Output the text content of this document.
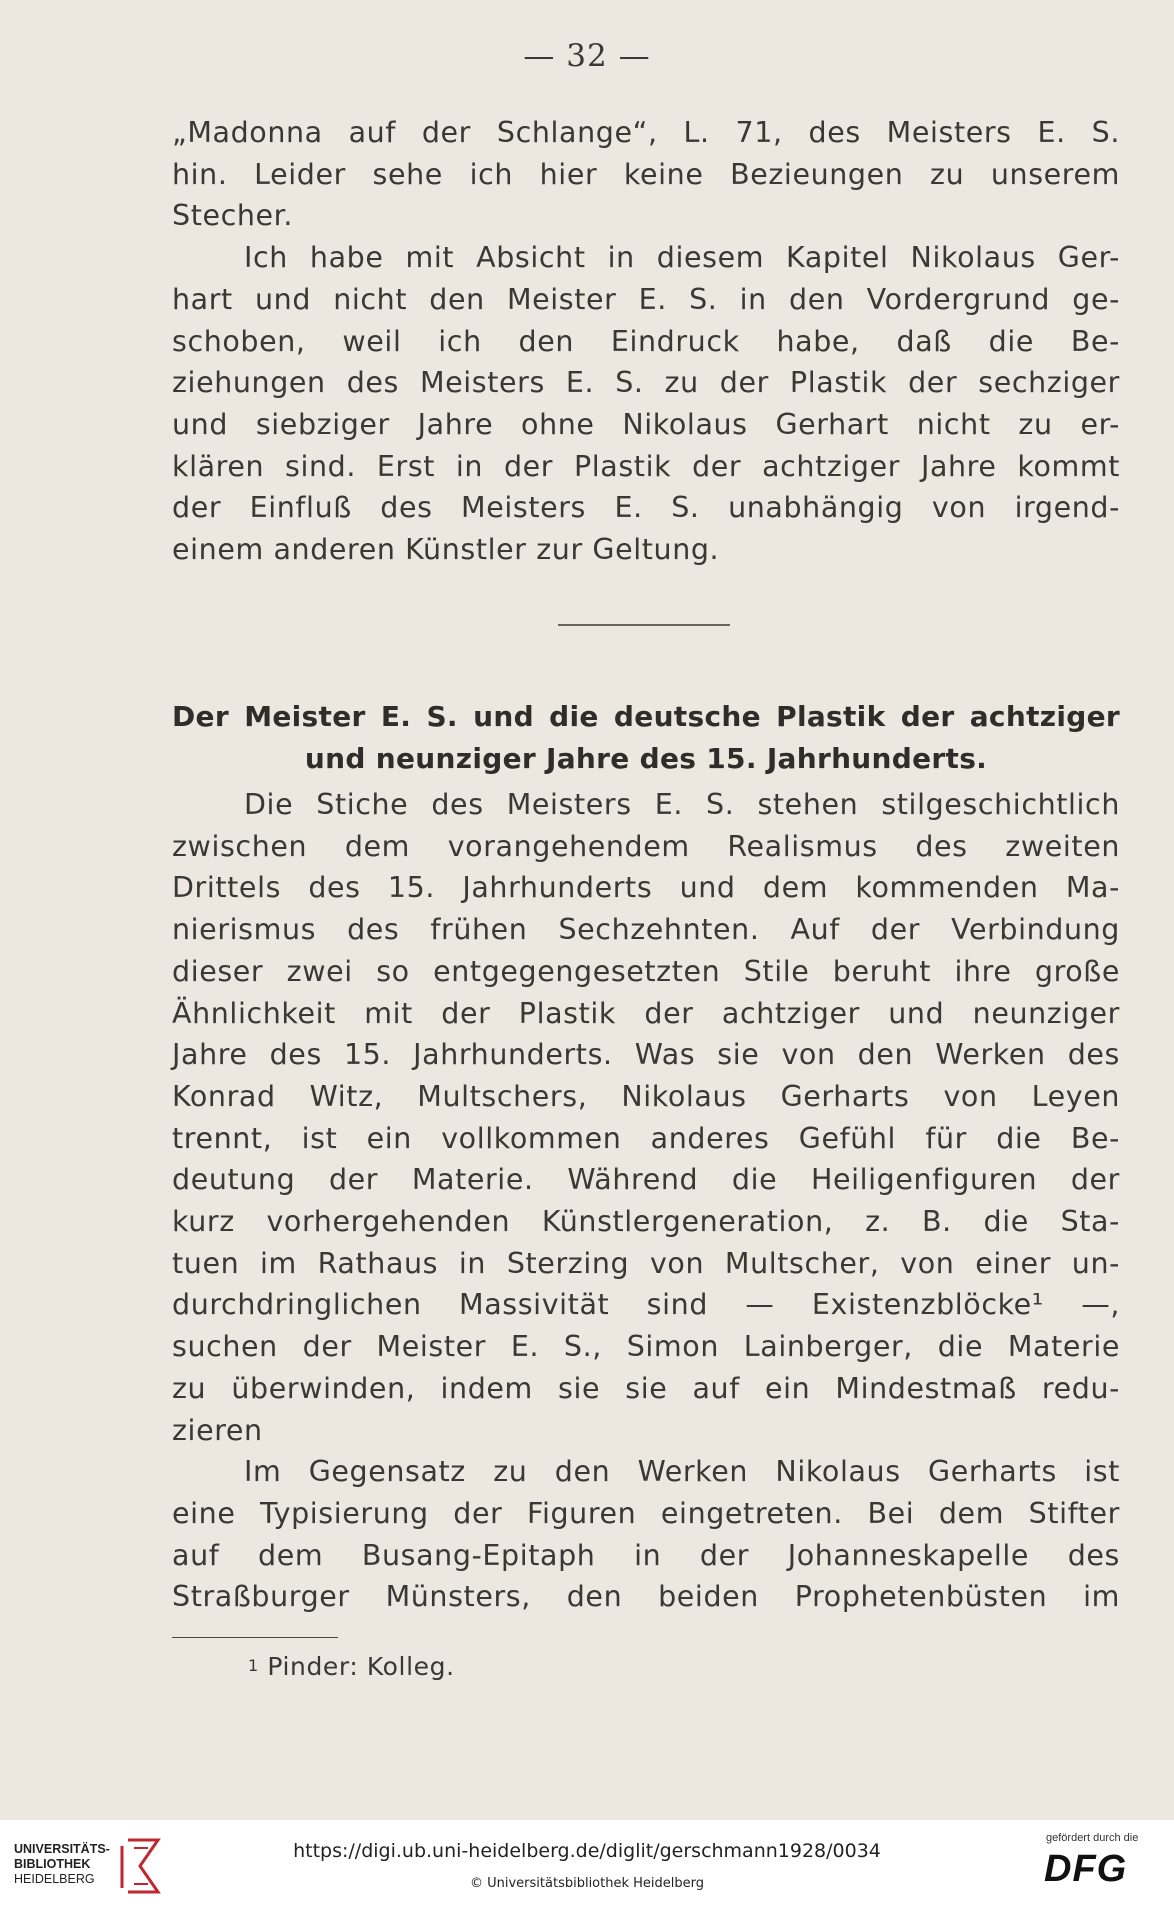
— 32 —
„Madonna auf der Schlange“, L. 71, des Meisters E. S.
hin. Leider sehe ich hier keine Bezieungen zu unserem
Stecher.
Ich habe mit Absicht in diesem Kapitel Nikolaus Ger-
hart und nicht den Meister E. S. in den Vordergrund ge-
schoben, weil ich den Eindruck habe, daß die Be-
ziehungen des Meisters E. S. zu der Plastik der sechziger
und siebziger Jahre ohne Nikolaus Gerhart nicht zu er-
klären sind. Erst in der Plastik der achtziger Jahre kommt
der Einfluß des Meisters E. S. unabhängig von irgend-
einem anderen Künstler zur Geltung.
Der Meister E. S. und die deutsche Plastik der achtziger
und neunziger Jahre des 15. Jahrhunderts.
Die Stiche des Meisters E. S. stehen stilgeschichtlich
zwischen dem vorangehendem Realismus des zweiten
Drittels des 15. Jahrhunderts und dem kommenden Ma-
nierismus des frühen Sechzehnten. Auf der Verbindung
dieser zwei so entgegengesetzten Stile beruht ihre große
Ähnlichkeit mit der Plastik der achtziger und neunziger
Jahre des 15. Jahrhunderts. Was sie von den Werken des
Konrad Witz, Multschers, Nikolaus Gerharts von Leyen
trennt, ist ein vollkommen anderes Gefühl für die Be-
deutung der Materie. Während die Heiligenfiguren der
kurz vorhergehenden Künstlergeneration, z. B. die Sta-
tuen im Rathaus in Sterzing von Multscher, von einer un-
durchdringlichen Massivität sind — Existenzblöcke¹ —,
suchen der Meister E. S., Simon Lainberger, die Materie
zu überwinden, indem sie sie auf ein Mindestmaß redu-
zieren
Im Gegensatz zu den Werken Nikolaus Gerharts ist
eine Typisierung der Figuren eingetreten. Bei dem Stifter
auf dem Busang-Epitaph in der Johanneskapelle des
Straßburger Münsters, den beiden Prophetenbüsten im
$^1$ Pinder: Kolleg.
UNIVERSITÄTS-
BIBLIOTHEK
HEIDELBERG
https://digi.ub.uni-heidelberg.de/diglit/gerschmann1928/0034
© Universitätsbibliothek Heidelberg
gefördert durch die
DFG
